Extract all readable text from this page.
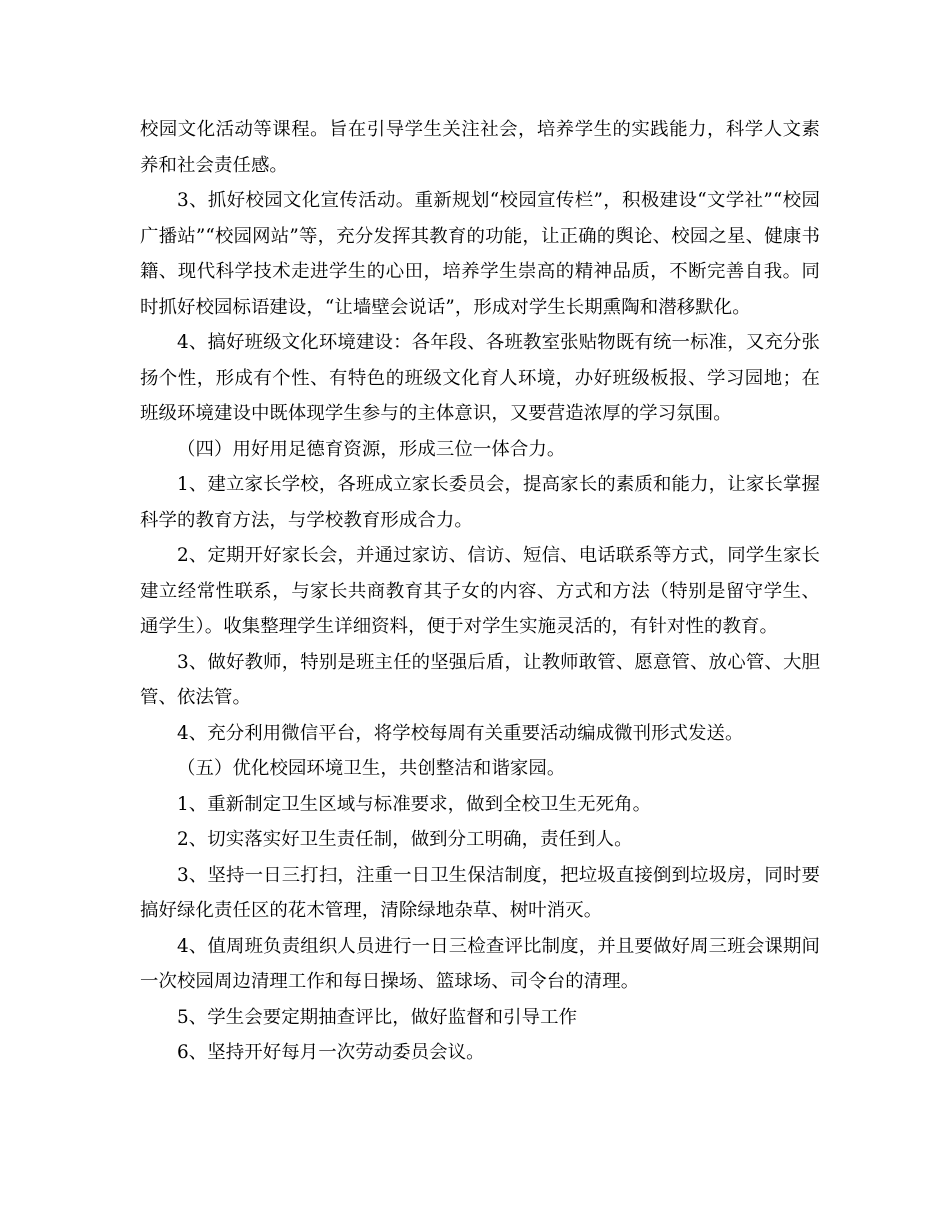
校园文化活动等课程。旨在引导学生关注社会，培养学生的实践能力，科学人文素养和社会责任感。

3、抓好校园文化宣传活动。重新规划“校园宣传栏”，积极建设“文学社”“校园广播站”“校园网站”等，充分发挥其教育的功能，让正确的舆论、校园之星、健康书籍、现代科学技术走进学生的心田，培养学生崇高的精神品质，不断完善自我。同时抓好校园标语建设，“让墙壁会说话”，形成对学生长期熏陶和潜移默化。

4、搞好班级文化环境建设：各年段、各班教室张贴物既有统一标准，又充分张扬个性，形成有个性、有特色的班级文化育人环境，办好班级板报、学习园地；在班级环境建设中既体现学生参与的主体意识，又要营造浓厚的学习氛围。

（四）用好用足德育资源，形成三位一体合力。

1、建立家长学校，各班成立家长委员会，提高家长的素质和能力，让家长掌握科学的教育方法，与学校教育形成合力。

2、定期开好家长会，并通过家访、信访、短信、电话联系等方式，同学生家长建立经常性联系，与家长共商教育其子女的内容、方式和方法（特别是留守学生、通学生）。收集整理学生详细资料，便于对学生实施灵活的，有针对性的教育。

3、做好教师，特别是班主任的坚强后盾，让教师敢管、愿意管、放心管、大胆管、依法管。

4、充分利用微信平台，将学校每周有关重要活动编成微刊形式发送。

（五）优化校园环境卫生，共创整洁和谐家园。

1、重新制定卫生区域与标准要求，做到全校卫生无死角。

2、切实落实好卫生责任制，做到分工明确，责任到人。

3、坚持一日三打扫，注重一日卫生保洁制度，把垃圾直接倒到垃圾房，同时要搞好绿化责任区的花木管理，清除绿地杂草、树叶消灭。

4、值周班负责组织人员进行一日三检查评比制度，并且要做好周三班会课期间一次校园周边清理工作和每日操场、篮球场、司令台的清理。

5、学生会要定期抽查评比，做好监督和引导工作

6、坚持开好每月一次劳动委员会议。
